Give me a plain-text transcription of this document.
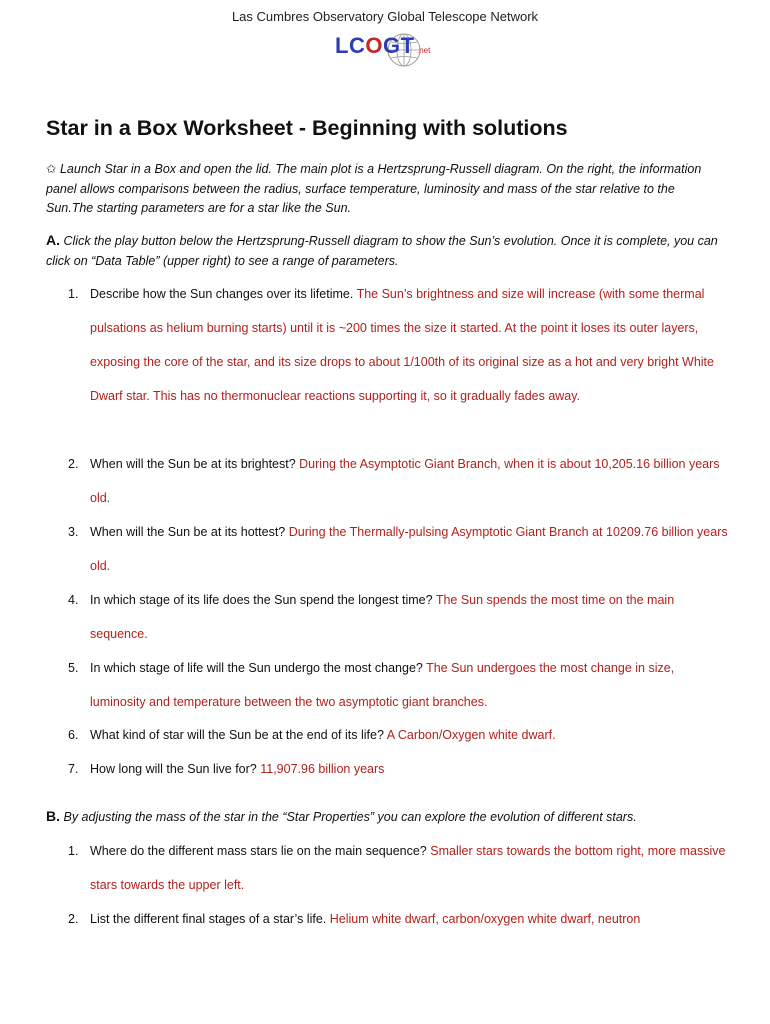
Las Cumbres Observatory Global Telescope Network
LCOGT .net
Star in a Box Worksheet - Beginning with solutions
✩ Launch Star in a Box and open the lid. The main plot is a Hertzsprung-Russell diagram. On the right, the information panel allows comparisons between the radius, surface temperature, luminosity and mass of the star relative to the Sun.The starting parameters are for a star like the Sun.
A. Click the play button below the Hertzsprung-Russell diagram to show the Sun’s evolution. Once it is complete, you can click on “Data Table” (upper right) to see a range of parameters.
1. Describe how the Sun changes over its lifetime. The Sun’s brightness and size will increase (with some thermal pulsations as helium burning starts) until it is ~200 times the size it started. At the point it loses its outer layers, exposing the core of the star, and its size drops to about 1/100th of its original size as a hot and very bright White Dwarf star. This has no thermonuclear reactions supporting it, so it gradually fades away.
2. When will the Sun be at its brightest? During the Asymptotic Giant Branch, when it is about 10,205.16 billion years old.
3. When will the Sun be at its hottest? During the Thermally-pulsing Asymptotic Giant Branch at 10209.76 billion years old.
4. In which stage of its life does the Sun spend the longest time? The Sun spends the most time on the main sequence.
5. In which stage of life will the Sun undergo the most change? The Sun undergoes the most change in size, luminosity and temperature between the two asymptotic giant branches.
6. What kind of star will the Sun be at the end of its life? A Carbon/Oxygen white dwarf.
7. How long will the Sun live for? 11,907.96 billion years
B. By adjusting the mass of the star in the “Star Properties” you can explore the evolution of different stars.
1. Where do the different mass stars lie on the main sequence? Smaller stars towards the bottom right, more massive stars towards the upper left.
2. List the different final stages of a star’s life. Helium white dwarf, carbon/oxygen white dwarf, neutron
